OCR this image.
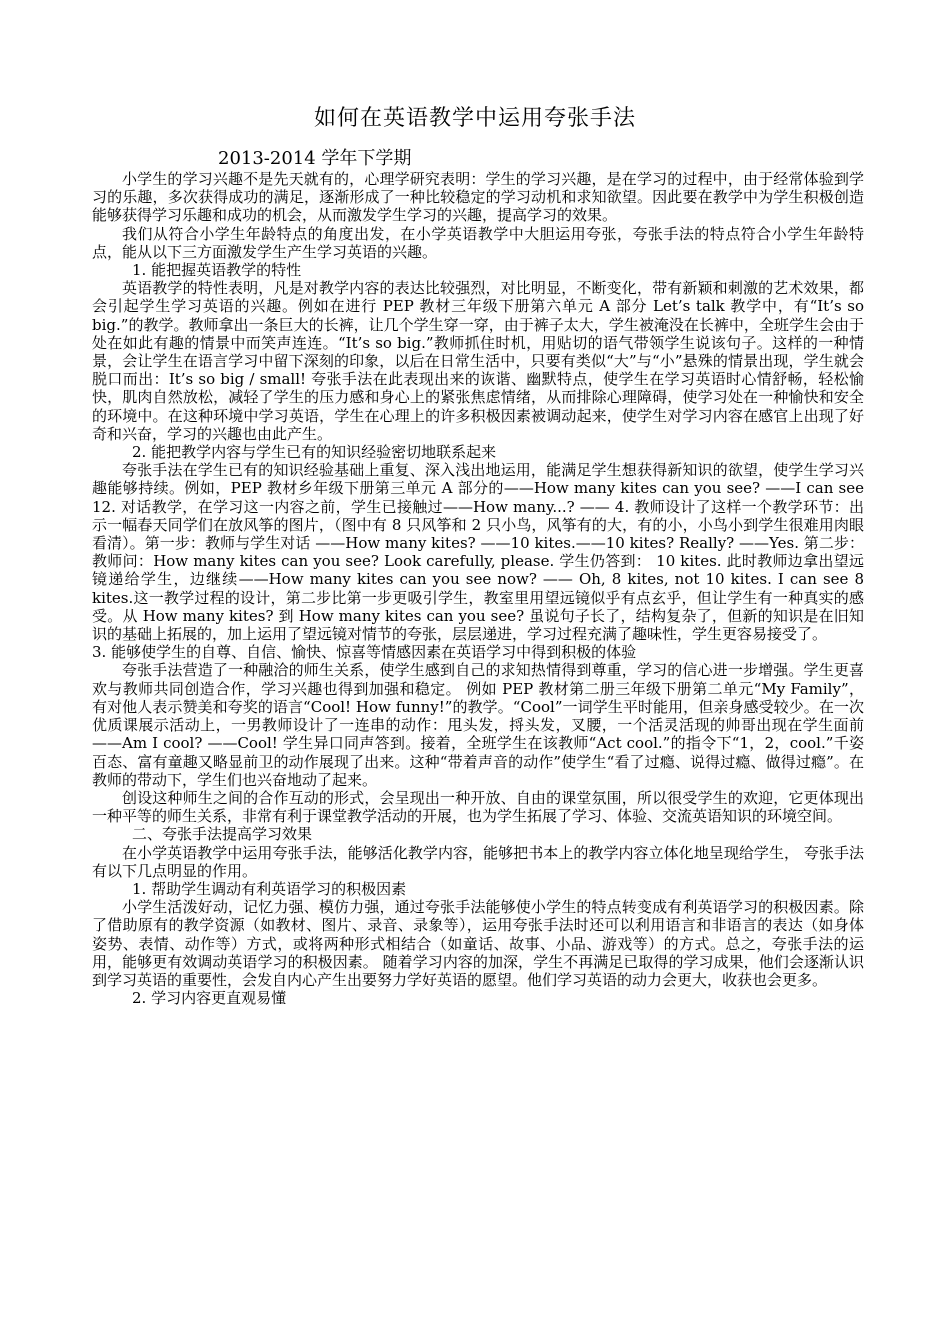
如何在英语教学中运用夸张手法
2013-2014 学年下学期

小学生的学习兴趣不是先天就有的，心理学研究表明：学生的学习兴趣，是在学习的过程中，由于经常体验到学习的乐趣，多次获得成功的满足，逐渐形成了一种比较稳定的学习动机和求知欲望。因此要在教学中为学生积极创造能够获得学习乐趣和成功的机会，从而激发学生学习的兴趣，提高学习的效果。

我们从符合小学生年龄特点的角度出发，在小学英语教学中大胆运用夸张，夸张手法的特点符合小学生年龄特点，能从以下三方面激发学生产生学习英语的兴趣。

1. 能把握英语教学的特性

英语教学的特性表明，凡是对教学内容的表达比较强烈，对比明显，不断变化，带有新颖和刺激的艺术效果，都会引起学生学习英语的兴趣。例如在进行 PEP 教材三年级下册第六单元 A 部分 Let’s talk 教学中，有“It’s so big.”的教学。教师拿出一条巨大的长裤，让几个学生穿一穿，由于裤子太大，学生被淹没在长裤中，全班学生会由于处在如此有趣的情景中而笑声连连。“It’s so big.”教师抓住时机，用贴切的语气带领学生说该句子。这样的一种情景，会让学生在语言学习中留下深刻的印象，以后在日常生活中，只要有类似“大”与“小”悬殊的情景出现，学生就会脱口而出：It’s so big / small! 夸张手法在此表现出来的诙谐、幽默特点，使学生在学习英语时心情舒畅，轻松愉快，肌肉自然放松，减轻了学生的压力感和身心上的紧张焦虑情绪，从而排除心理障碍，使学习处在一种愉快和安全的环境中。在这种环境中学习英语，学生在心理上的许多积极因素被调动起来，使学生对学习内容在感官上出现了好奇和兴奋，学习的兴趣也由此产生。

2. 能把教学内容与学生已有的知识经验密切地联系起来

夸张手法在学生已有的知识经验基础上重复、深入浅出地运用，能满足学生想获得新知识的欲望，使学生学习兴趣能够持续。例如，PEP 教材乡年级下册第三单元 A 部分的——How many kites can you see? ——I can see 12. 对话教学，在学习这一内容之前，学生已接触过——How many...? —— 4. 教师设计了这样一个教学环节：出示一幅春天同学们在放风筝的图片，（图中有 8 只风筝和 2 只小鸟，风筝有的大，有的小，小鸟小到学生很难用肉眼看清）。第一步：教师与学生对话 ——How many kites? ——10 kites.——10 kites? Really? ——Yes. 第二步：教师问：How many kites can you see? Look carefully, please. 学生仍答到： 10 kites. 此时教师边拿出望远镜递给学生，边继续——How many kites can you see now? —— Oh, 8 kites, not 10 kites. I can see 8 kites.这一教学过程的设计，第二步比第一步更吸引学生，教室里用望远镜似乎有点玄乎，但让学生有一种真实的感受。从 How many kites? 到 How many kites can you see? 虽说句子长了，结构复杂了，但新的知识是在旧知识的基础上拓展的，加上运用了望远镜对情节的夸张，层层递进，学习过程充满了趣味性，学生更容易接受了。

3. 能够使学生的自尊、自信、愉快、惊喜等情感因素在英语学习中得到积极的体验

夸张手法营造了一种融洽的师生关系，使学生感到自己的求知热情得到尊重，学习的信心进一步增强。学生更喜欢与教师共同创造合作，学习兴趣也得到加强和稳定。 例如 PEP 教材第二册三年级下册第二单元“My Family”， 有对他人表示赞美和夸奖的语言“Cool! How funny!”的教学。“Cool”一词学生平时能用，但亲身感受较少。在一次优质课展示活动上，一男教师设计了一连串的动作：甩头发，捋头发，叉腰，一个活灵活现的帅哥出现在学生面前——Am I cool? ——Cool! 学生异口同声答到。接着，全班学生在该教师“Act cool.”的指令下“1，2，cool.”千姿百态、富有童趣又略显前卫的动作展现了出来。这种“带着声音的动作”使学生“看了过瘾、说得过瘾、做得过瘾”。在教师的带动下，学生们也兴奋地动了起来。

创设这种师生之间的合作互动的形式，会呈现出一种开放、自由的课堂氛围，所以很受学生的欢迎，它更体现出一种平等的师生关系，非常有利于课堂教学活动的开展，也为学生拓展了学习、体验、交流英语知识的环境空间。

二、夸张手法提高学习效果

在小学英语教学中运用夸张手法，能够活化教学内容，能够把书本上的教学内容立体化地呈现给学生， 夸张手法有以下几点明显的作用。

1. 帮助学生调动有利英语学习的积极因素

小学生活泼好动，记忆力强、模仿力强，通过夸张手法能够使小学生的特点转变成有利英语学习的积极因素。除了借助原有的教学资源（如教材、图片、录音、录象等），运用夸张手法时还可以利用语言和非语言的表达（如身体姿势、表情、动作等）方式，或将两种形式相结合（如童话、故事、小品、游戏等）的方式。总之，夸张手法的运用，能够更有效调动英语学习的积极因素。 随着学习内容的加深，学生不再满足已取得的学习成果，他们会逐渐认识到学习英语的重要性，会发自内心产生出要努力学好英语的愿望。他们学习英语的动力会更大，收获也会更多。

2. 学习内容更直观易懂
